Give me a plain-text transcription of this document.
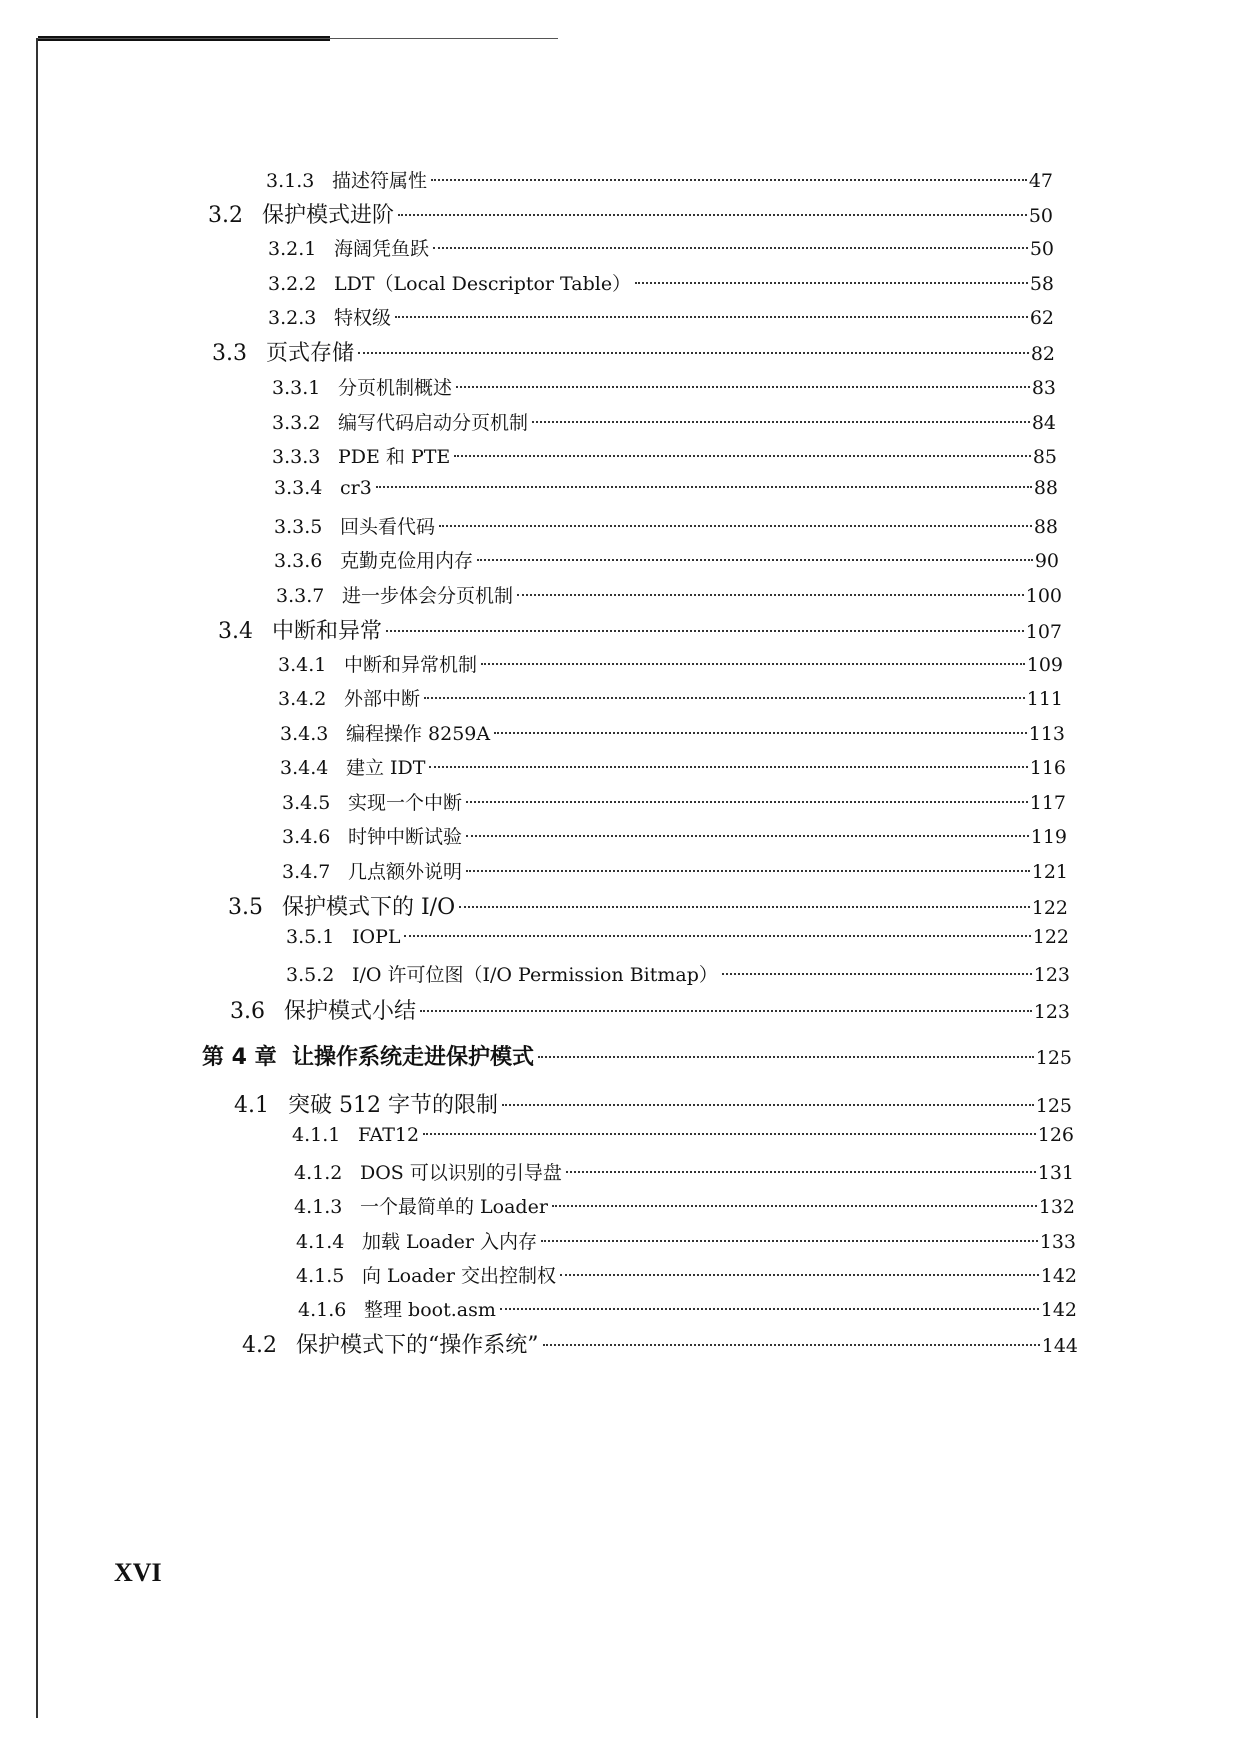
3.1.3 描述符属性	47
3.2 保护模式进阶	50
3.2.1 海阔凭鱼跃	50
3.2.2 LDT（Local Descriptor Table）	58
3.2.3 特权级	62
3.3 页式存储	82
3.3.1 分页机制概述	83
3.3.2 编写代码启动分页机制	84
3.3.3 PDE 和 PTE	85
3.3.4 cr3	88
3.3.5 回头看代码	88
3.3.6 克勤克俭用内存	90
3.3.7 进一步体会分页机制	100
3.4 中断和异常	107
3.4.1 中断和异常机制	109
3.4.2 外部中断	111
3.4.3 编程操作 8259A	113
3.4.4 建立 IDT	116
3.4.5 实现一个中断	117
3.4.6 时钟中断试验	119
3.4.7 几点额外说明	121
3.5 保护模式下的 I/O	122
3.5.1 IOPL	122
3.5.2 I/O 许可位图（I/O Permission Bitmap）	123
3.6 保护模式小结	123
第 4 章 让操作系统走进保护模式	125
4.1 突破 512 字节的限制	125
4.1.1 FAT12	126
4.1.2 DOS 可以识别的引导盘	131
4.1.3 一个最简单的 Loader	132
4.1.4 加载 Loader 入内存	133
4.1.5 向 Loader 交出控制权	142
4.1.6 整理 boot.asm	142
4.2 保护模式下的“操作系统”	144
XVI
